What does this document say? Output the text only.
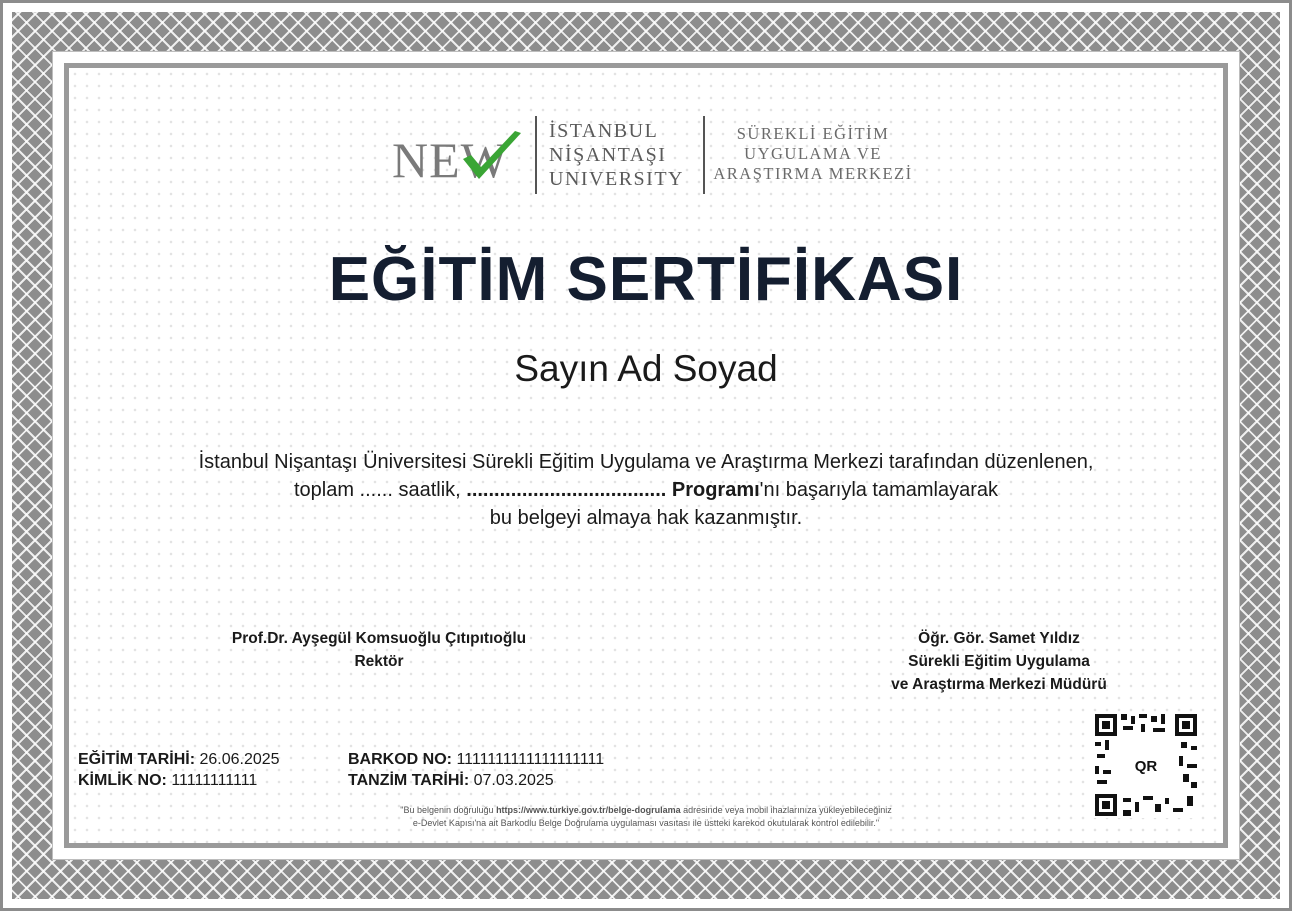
NEW
İSTANBUL
NİŞANTAŞI
UNIVERSITY
SÜREKLİ EĞİTİM
UYGULAMA VE
ARAŞTIRMA MERKEZİ
EĞİTİM SERTİFİKASI
Sayın Ad Soyad
İstanbul Nişantaşı Üniversitesi Sürekli Eğitim Uygulama ve Araştırma Merkezi tarafından düzenlenen,
toplam ...... saatlik, .................................... Programı'nı başarıyla tamamlayarak
bu belgeyi almaya hak kazanmıştır.
Prof.Dr. Ayşegül Komsuoğlu Çıtıpıtıoğlu
Rektör
Öğr. Gör. Samet Yıldız
Sürekli Eğitim Uygulama
ve Araştırma Merkezi Müdürü
EĞİTİM TARİHİ: 26.06.2025
KİMLİK NO: 11111111111
BARKOD NO: 1111111111111111111
TANZİM TARİHİ: 07.03.2025
"Bu belgenin doğruluğu https://www.turkiye.gov.tr/belge-dogrulama adresinde veya mobil ihazlarınıza yükleyebileceğiniz
e-Devlet Kapısı'na ait Barkodlu Belge Doğrulama uygulaması vasıtası ile üstteki karekod okutularak kontrol edilebilir."
QR
